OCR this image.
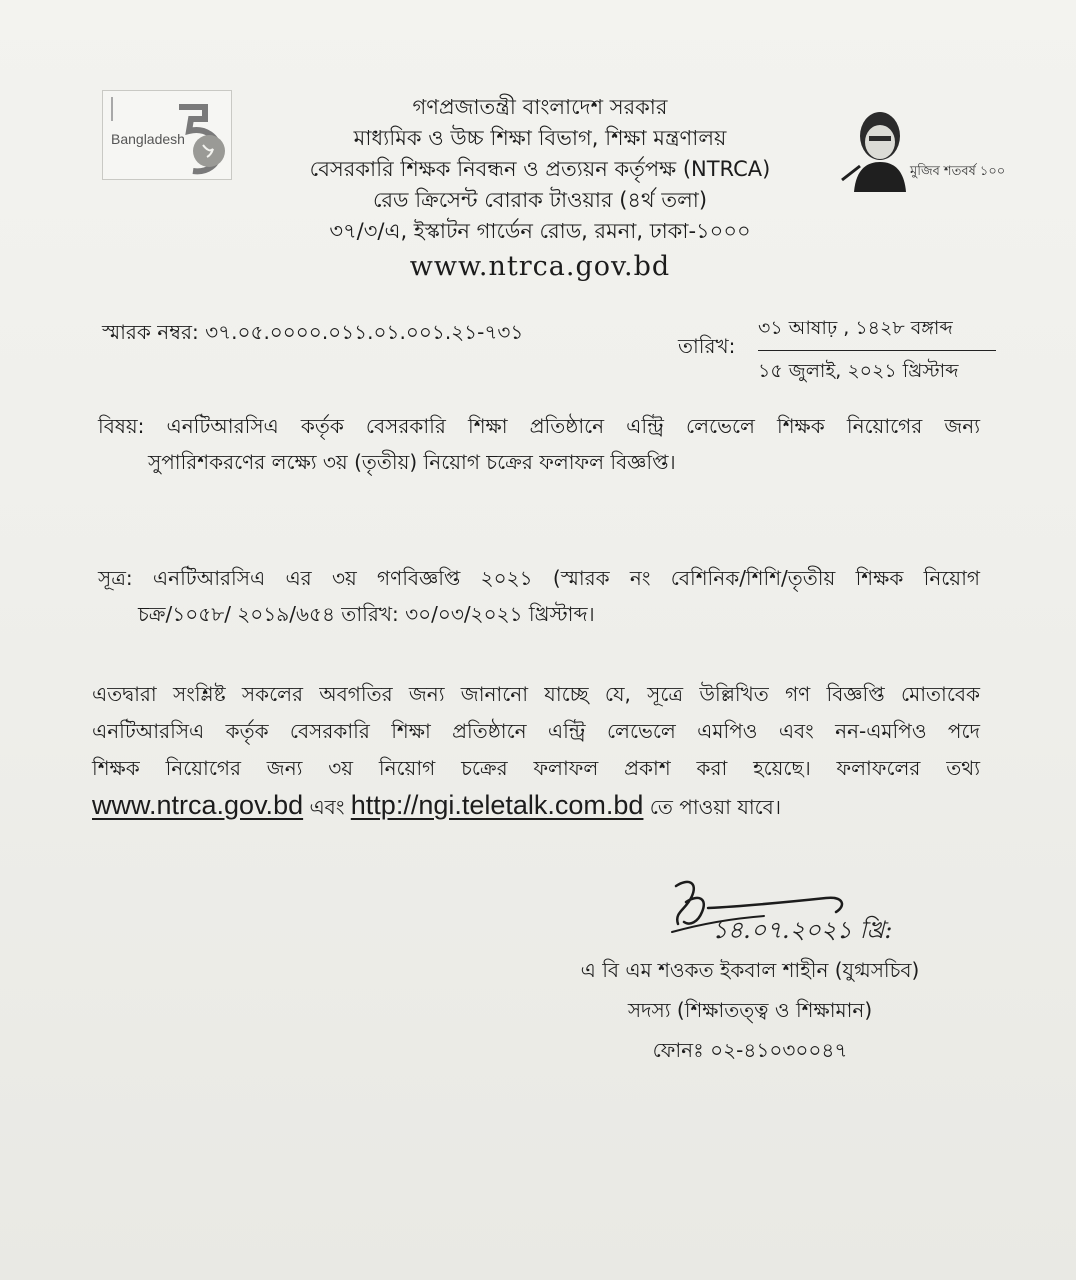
Bangladesh
গণপ্রজাতন্ত্রী বাংলাদেশ সরকার
মাধ্যমিক ও উচ্চ শিক্ষা বিভাগ, শিক্ষা মন্ত্রণালয়
বেসরকারি শিক্ষক নিবন্ধন ও প্রত্যয়ন কর্তৃপক্ষ (NTRCA)
রেড ক্রিসেন্ট বোরাক টাওয়ার (৪র্থ তলা)
৩৭/৩/এ, ইস্কাটন গার্ডেন রোড, রমনা, ঢাকা-১০০০
www.ntrca.gov.bd
মুজিব শতবর্ষ ১০০
স্মারক নম্বর: ৩৭.০৫.০০০০.০১১.০১.০০১.২১-৭৩১
তারিখ:
৩১ আষাঢ় , ১৪২৮ বঙ্গাব্দ
১৫ জুলাই, ২০২১ খ্রিস্টাব্দ
বিষয়: এনটিআরসিএ কর্তৃক বেসরকারি শিক্ষা প্রতিষ্ঠানে এন্ট্রি লেভেলে শিক্ষক নিয়োগের জন্য
সুপারিশকরণের লক্ষ্যে ৩য় (তৃতীয়) নিয়োগ চক্রের ফলাফল বিজ্ঞপ্তি।
সূত্র: এনটিআরসিএ এর ৩য় গণবিজ্ঞপ্তি ২০২১ (স্মারক নং বেশিনিক/শিশি/তৃতীয় শিক্ষক নিয়োগ
চক্র/১০৫৮/ ২০১৯/৬৫৪ তারিখ: ৩০/০৩/২০২১ খ্রিস্টাব্দ।
এতদ্বারা সংশ্লিষ্ট সকলের অবগতির জন্য জানানো যাচ্ছে যে, সূত্রে উল্লিখিত গণ বিজ্ঞপ্তি মোতাবেক
এনটিআরসিএ কর্তৃক বেসরকারি শিক্ষা প্রতিষ্ঠানে এন্ট্রি লেভেলে এমপিও এবং নন-এমপিও পদে
শিক্ষক নিয়োগের জন্য ৩য় নিয়োগ চক্রের ফলাফল প্রকাশ করা হয়েছে। ফলাফলের তথ্য
www.ntrca.gov.bd এবং http://ngi.teletalk.com.bd তে পাওয়া যাবে।
১৪.০৭.২০২১ খ্রি:
এ বি এম শওকত ইকবাল শাহীন (যুগ্মসচিব)
সদস্য (শিক্ষাতত্ত্ব ও শিক্ষামান)
ফোনঃ ০২-৪১০৩০০৪৭
